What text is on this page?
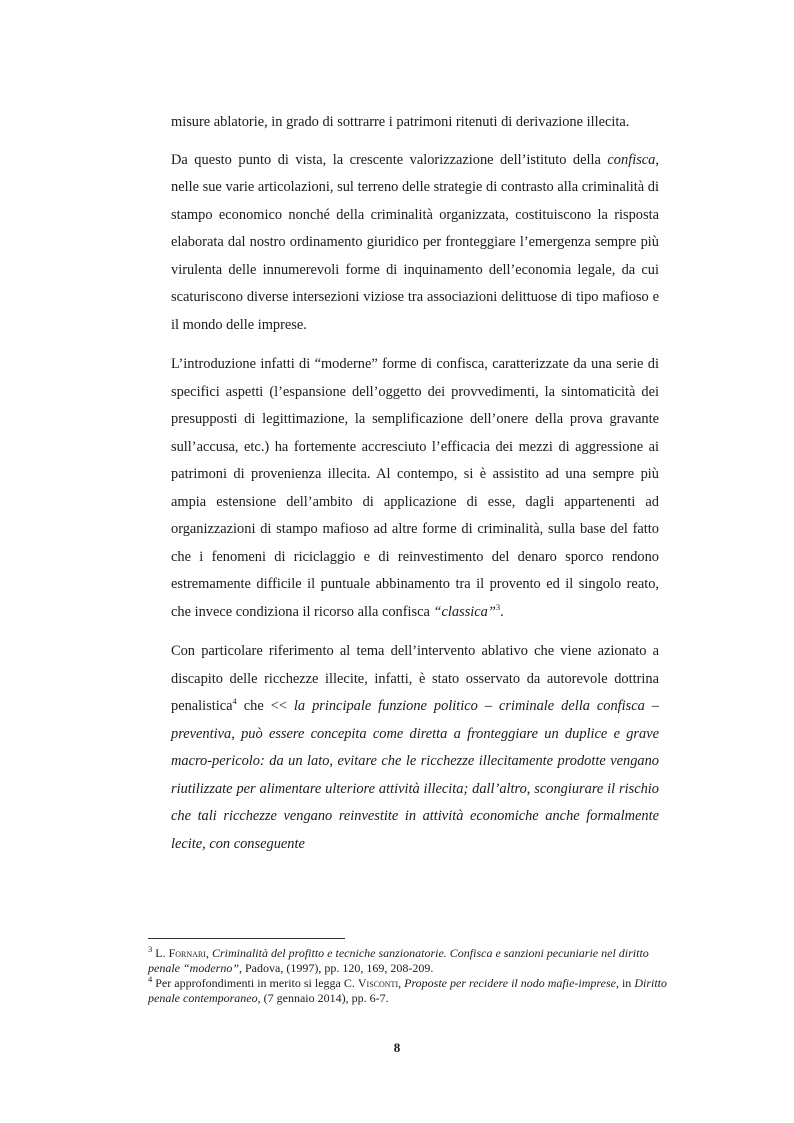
misure ablatorie, in grado di sottrarre i patrimoni ritenuti di derivazione illecita.

Da questo punto di vista, la crescente valorizzazione dell’istituto della confisca, nelle sue varie articolazioni, sul terreno delle strategie di contrasto alla criminalità di stampo economico nonché della criminalità organizzata, costituiscono la risposta elaborata dal nostro ordinamento giuridico per fronteggiare l’emergenza sempre più virulenta delle innumerevoli forme di inquinamento dell’economia legale, da cui scaturiscono diverse intersezioni viziose tra associazioni delittuose di tipo mafioso e il mondo delle imprese.

L’introduzione infatti di “moderne” forme di confisca, caratterizzate da una serie di specifici aspetti (l’espansione dell’oggetto dei provvedimenti, la sintomaticità dei presupposti di legittimazione, la semplificazione dell’onere della prova gravante sull’accusa, etc.) ha fortemente accresciuto l’efficacia dei mezzi di aggressione ai patrimoni di provenienza illecita. Al contempo, si è assistito ad una sempre più ampia estensione dell’ambito di applicazione di esse, dagli appartenenti ad organizzazioni di stampo mafioso ad altre forme di criminalità, sulla base del fatto che i fenomeni di riciclaggio e di reinvestimento del denaro sporco rendono estremamente difficile il puntuale abbinamento tra il provento ed il singolo reato, che invece condiziona il ricorso alla confisca “classica”$^3$.

Con particolare riferimento al tema dell’intervento ablativo che viene azionato a discapito delle ricchezze illecite, infatti, è stato osservato da autorevole dottrina penalistica$^4$ che << la principale funzione politico – criminale della confisca – preventiva, può essere concepita come diretta a fronteggiare un duplice e grave macro-pericolo: da un lato, evitare che le ricchezze illecitamente prodotte vengano riutilizzate per alimentare ulteriore attività illecita; dall’altro, scongiurare il rischio che tali ricchezze vengano reinvestite in attività economiche anche formalmente lecite, con conseguente

$^3$ L. Fornari, Criminalità del profitto e tecniche sanzionatorie. Confisca e sanzioni pecuniarie nel diritto penale “moderno”, Padova, (1997), pp. 120, 169, 208-209.

$^4$ Per approfondimenti in merito si legga C. Visconti, Proposte per recidere il nodo mafie-imprese, in Diritto penale contemporaneo, (7 gennaio 2014), pp. 6-7.

8
